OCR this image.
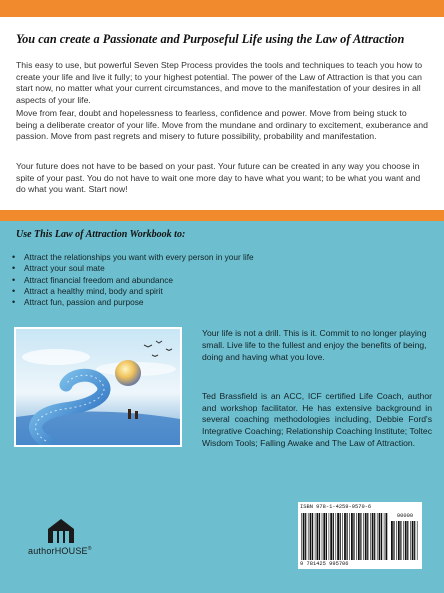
You can create a Passionate and Purposeful Life using the Law of Attraction

This easy to use, but powerful Seven Step Process provides the tools and techniques to teach you how to create your life and live it fully; to your highest potential. The power of the Law of Attraction is that you can start now, no matter what your current circumstances, and move to the manifestation of your desires in all aspects of your life.

Move from fear, doubt and hopelessness to fearless, confidence and power. Move from being stuck to being a deliberate creator of your life. Move from the mundane and ordinary to excitement, exuberance and passion. Move from past regrets and misery to future possibility, probability and manifestation.

Your future does not have to be based on your past. Your future can be created in any way you choose in spite of your past. You do not have to wait one more day to have what you want; to be what you want and do what you want. Start now!

Use This Law of Attraction Workbook to:
• Attract the relationships you want with every person in your life
• Attract your soul mate
• Attract financial freedom and abundance
• Attract a healthy mind, body and spirit
• Attract fun, passion and purpose

Your life is not a drill. This is it. Commit to no longer playing small. Live life to the fullest and enjoy the benefits of being, doing and having what you love.

Ted Brassfield is an ACC, ICF certified Life Coach, author and workshop facilitator. He has extensive background in several coaching methodologies including, Debbie Ford's Integrative Coaching; Relationship Coaching Institute; Toltec Wisdom Tools; Falling Awake and The Law of Attraction.

authorHOUSE®
ISBN 978-1-4259-9570-6
90000
9 781425 995706
